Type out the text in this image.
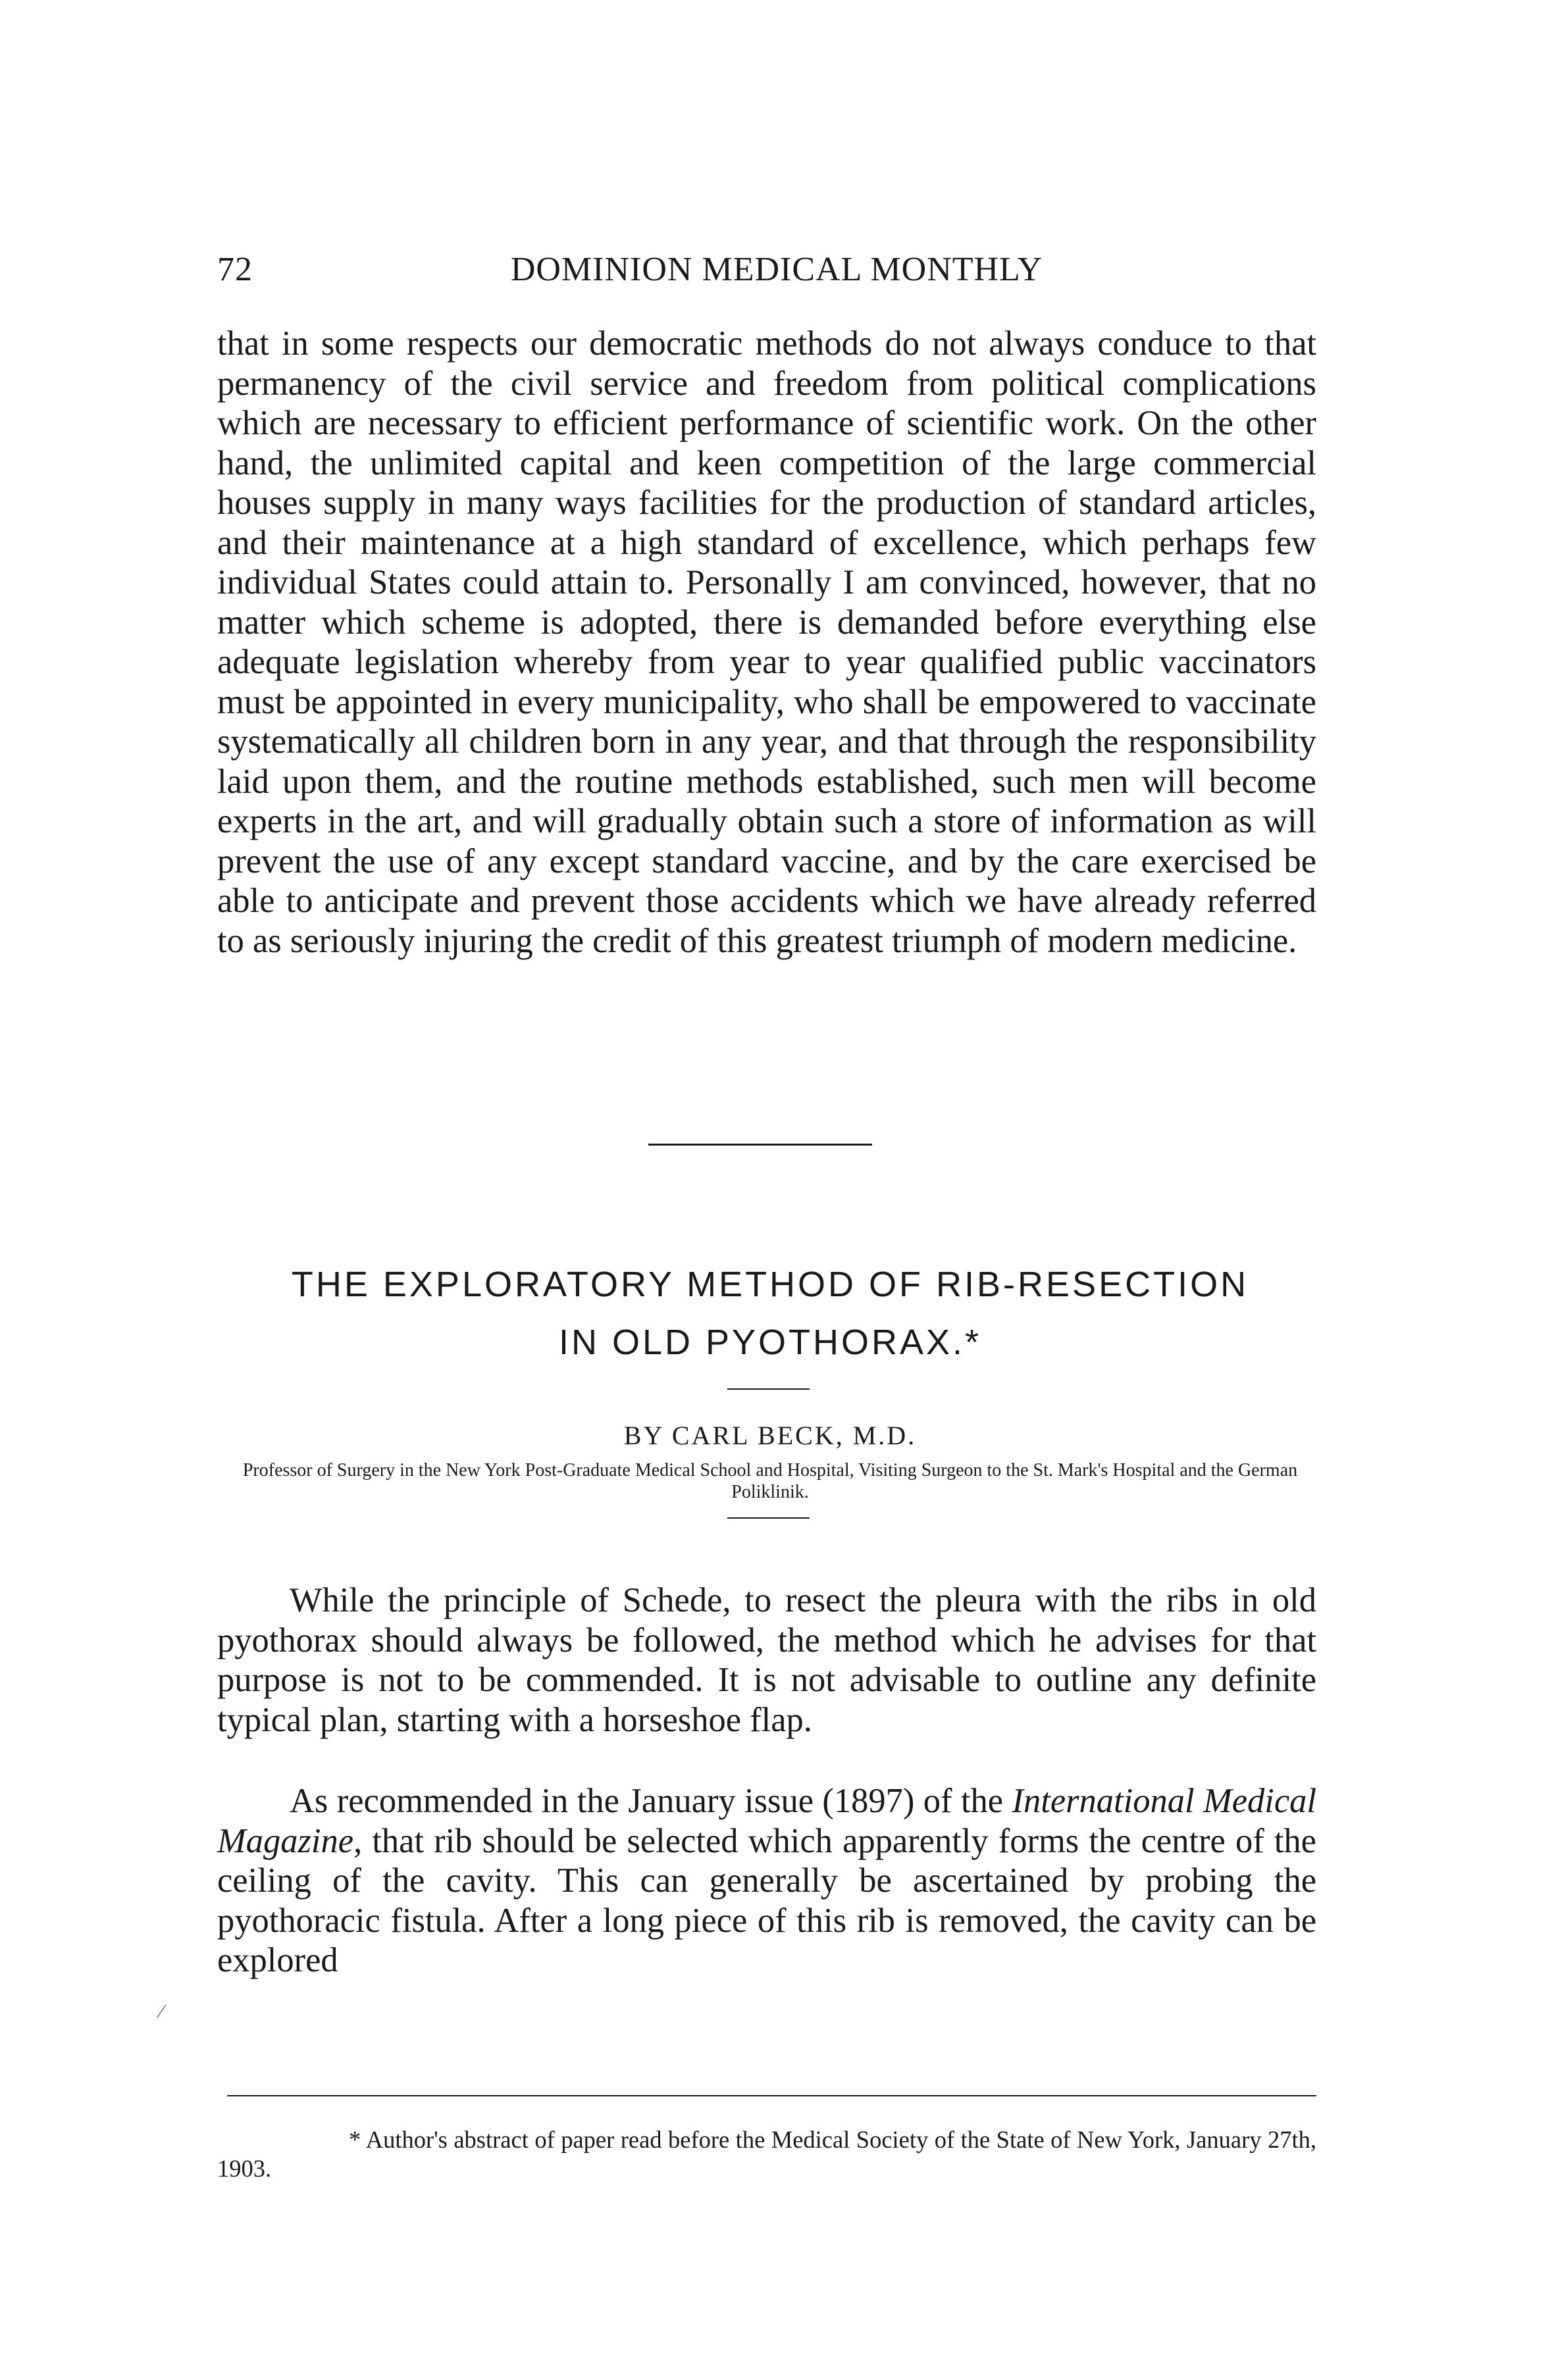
72	DOMINION MEDICAL MONTHLY

that in some respects our democratic methods do not always conduce to that permanency of the civil service and freedom from political complications which are necessary to efficient performance of scientific work. On the other hand, the unlimited capital and keen competition of the large commercial houses supply in many ways facilities for the production of standard articles, and their maintenance at a high standard of excellence, which perhaps few individual States could attain to. Personally I am convinced, however, that no matter which scheme is adopted, there is demanded before everything else adequate legislation whereby from year to year qualified public vaccinators must be appointed in every municipality, who shall be empowered to vaccinate systematically all children born in any year, and that through the responsibility laid upon them, and the routine methods established, such men will become experts in the art, and will gradually obtain such a store of information as will prevent the use of any except standard vaccine, and by the care exercised be able to anticipate and prevent those accidents which we have already referred to as seriously injuring the credit of this greatest triumph of modern medicine.

THE EXPLORATORY METHOD OF RIB-RESECTION
IN OLD PYOTHORAX.*
BY CARL BECK, M.D.
Professor of Surgery in the New York Post-Graduate Medical School and Hospital, Visiting Surgeon to the St. Mark's Hospital and the German Poliklinik.

While the principle of Schede, to resect the pleura with the ribs in old pyothorax should always be followed, the method which he advises for that purpose is not to be commended. It is not advisable to outline any definite typical plan, starting with a horseshoe flap.

As recommended in the January issue (1897) of the International Medical Magazine, that rib should be selected which apparently forms the centre of the ceiling of the cavity. This can generally be ascertained by probing the pyothoracic fistula. After a long piece of this rib is removed, the cavity can be explored

⁄

* Author's abstract of paper read before the Medical Society of the State of New York, January 27th, 1903.
